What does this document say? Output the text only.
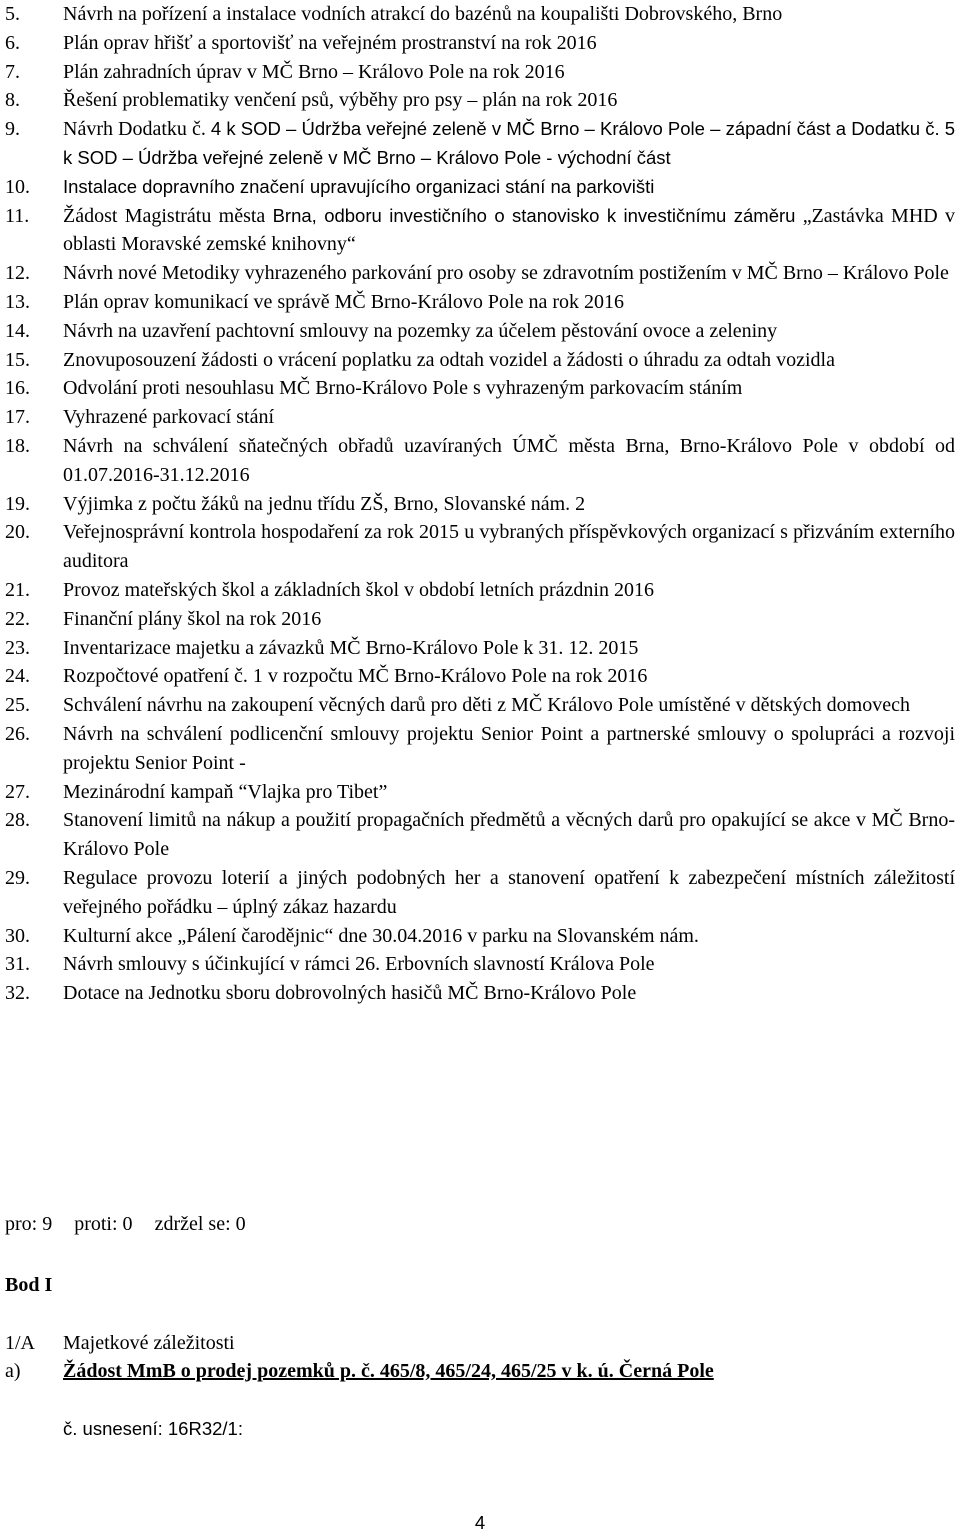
5.	Návrh na pořízení a instalace vodních atrakcí do bazénů na koupališti Dobrovského, Brno
6.	Plán oprav hřišť a sportovišť na veřejném prostranství na rok 2016
7.	Plán zahradních úprav v MČ Brno – Královo Pole na rok 2016
8.	Řešení problematiky venčení psů, výběhy pro psy – plán na rok 2016
9.	Návrh Dodatku č. 4 k SOD – Údržba veřejné zeleně v MČ Brno – Královo Pole – západní část a Dodatku č. 5 k SOD – Údržba veřejné zeleně v MČ Brno – Královo Pole - východní část
10.	Instalace dopravního značení upravujícího organizaci stání na parkovišti
11.	Žádost Magistrátu města Brna, odboru investičního o stanovisko k investičnímu záměru „Zastávka MHD v oblasti Moravské zemské knihovny“
12.	Návrh nové Metodiky vyhrazeného parkování pro osoby se zdravotním postižením v MČ Brno – Královo Pole
13.	Plán oprav komunikací ve správě MČ Brno-Královo Pole na rok 2016
14.	Návrh na uzavření pachtovní smlouvy na pozemky za účelem pěstování ovoce a zeleniny
15.	Znovuposouzení žádosti o vrácení poplatku za odtah vozidel a žádosti o úhradu za odtah vozidla
16.	Odvolání proti nesouhlasu MČ Brno-Královo Pole s vyhrazeným parkovacím stáním
17.	Vyhrazené parkovací stání
18.	Návrh na schválení sňatečných obřadů uzavíraných ÚMČ města Brna, Brno-Královo Pole v období od 01.07.2016-31.12.2016
19.	Výjimka z počtu žáků na jednu třídu ZŠ, Brno, Slovanské nám. 2
20.	Veřejnosprávní kontrola hospodaření za rok 2015 u vybraných příspěvkových organizací s přizváním externího auditora
21.	Provoz mateřských škol a základních škol v období letních prázdnin 2016
22.	Finanční plány škol na rok 2016
23.	Inventarizace majetku a závazků MČ Brno-Královo Pole k 31. 12. 2015
24.	Rozpočtové opatření č. 1 v rozpočtu MČ Brno-Královo Pole na rok 2016
25.	Schválení návrhu na zakoupení věcných darů pro děti z MČ Královo Pole umístěné v dětských domovech
26.	Návrh na schválení podlicenční smlouvy projektu Senior Point a partnerské smlouvy o spolupráci a rozvoji projektu Senior Point -
27.	Mezinárodní kampaň “Vlajka pro Tibet”
28.	Stanovení limitů na nákup a použití propagačních předmětů a věcných darů pro opakující se akce v MČ Brno-Královo Pole
29.	Regulace provozu loterií a jiných podobných her a stanovení opatření k zabezpečení místních záležitostí veřejného pořádku – úplný zákaz hazardu
30.	Kulturní akce „Pálení čarodějnic“ dne 30.04.2016 v parku na Slovanském nám.
31.	Návrh smlouvy s účinkující v rámci 26. Erbovních slavností Králova Pole
32.	Dotace na Jednotku sboru dobrovolných hasičů MČ Brno-Královo Pole
pro: 9 proti: 0 zdržel se: 0
Bod I
1/A	Majetkové záležitosti
a)	Žádost MmB o prodej pozemků p. č. 465/8, 465/24, 465/25 v k. ú. Černá Pole
č. usnesení: 16R32/1:
4
